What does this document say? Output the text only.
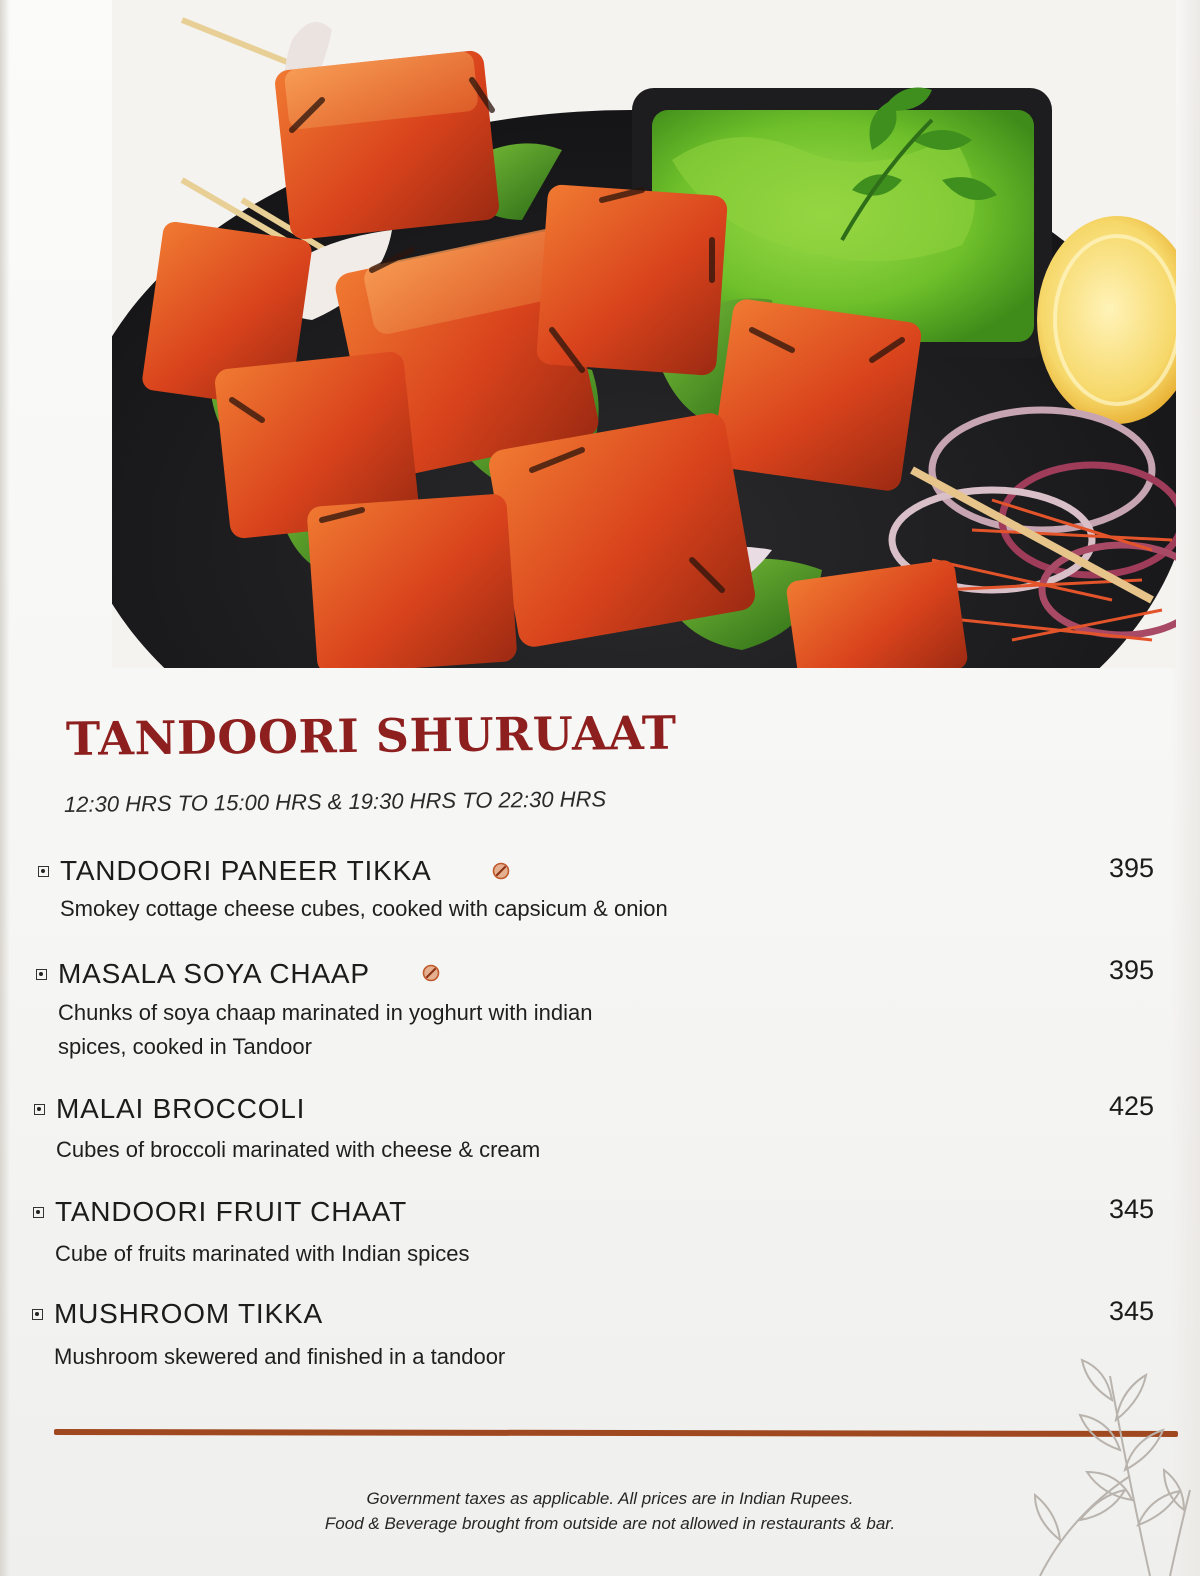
TANDOORI SHURUAAT
12:30 HRS TO 15:00 HRS & 19:30 HRS TO 22:30 HRS
TANDOORI PANEER TIKKA	395
Smokey cottage cheese cubes, cooked with capsicum & onion
MASALA SOYA CHAAP	395
Chunks of soya chaap marinated in yoghurt with indian
spices, cooked in Tandoor
MALAI BROCCOLI	425
Cubes of broccoli marinated with cheese & cream
TANDOORI FRUIT CHAAT	345
Cube of fruits marinated with Indian spices
MUSHROOM TIKKA	345
Mushroom skewered and finished in a tandoor
Government taxes as applicable. All prices are in Indian Rupees.
Food & Beverage brought from outside are not allowed in restaurants & bar.
